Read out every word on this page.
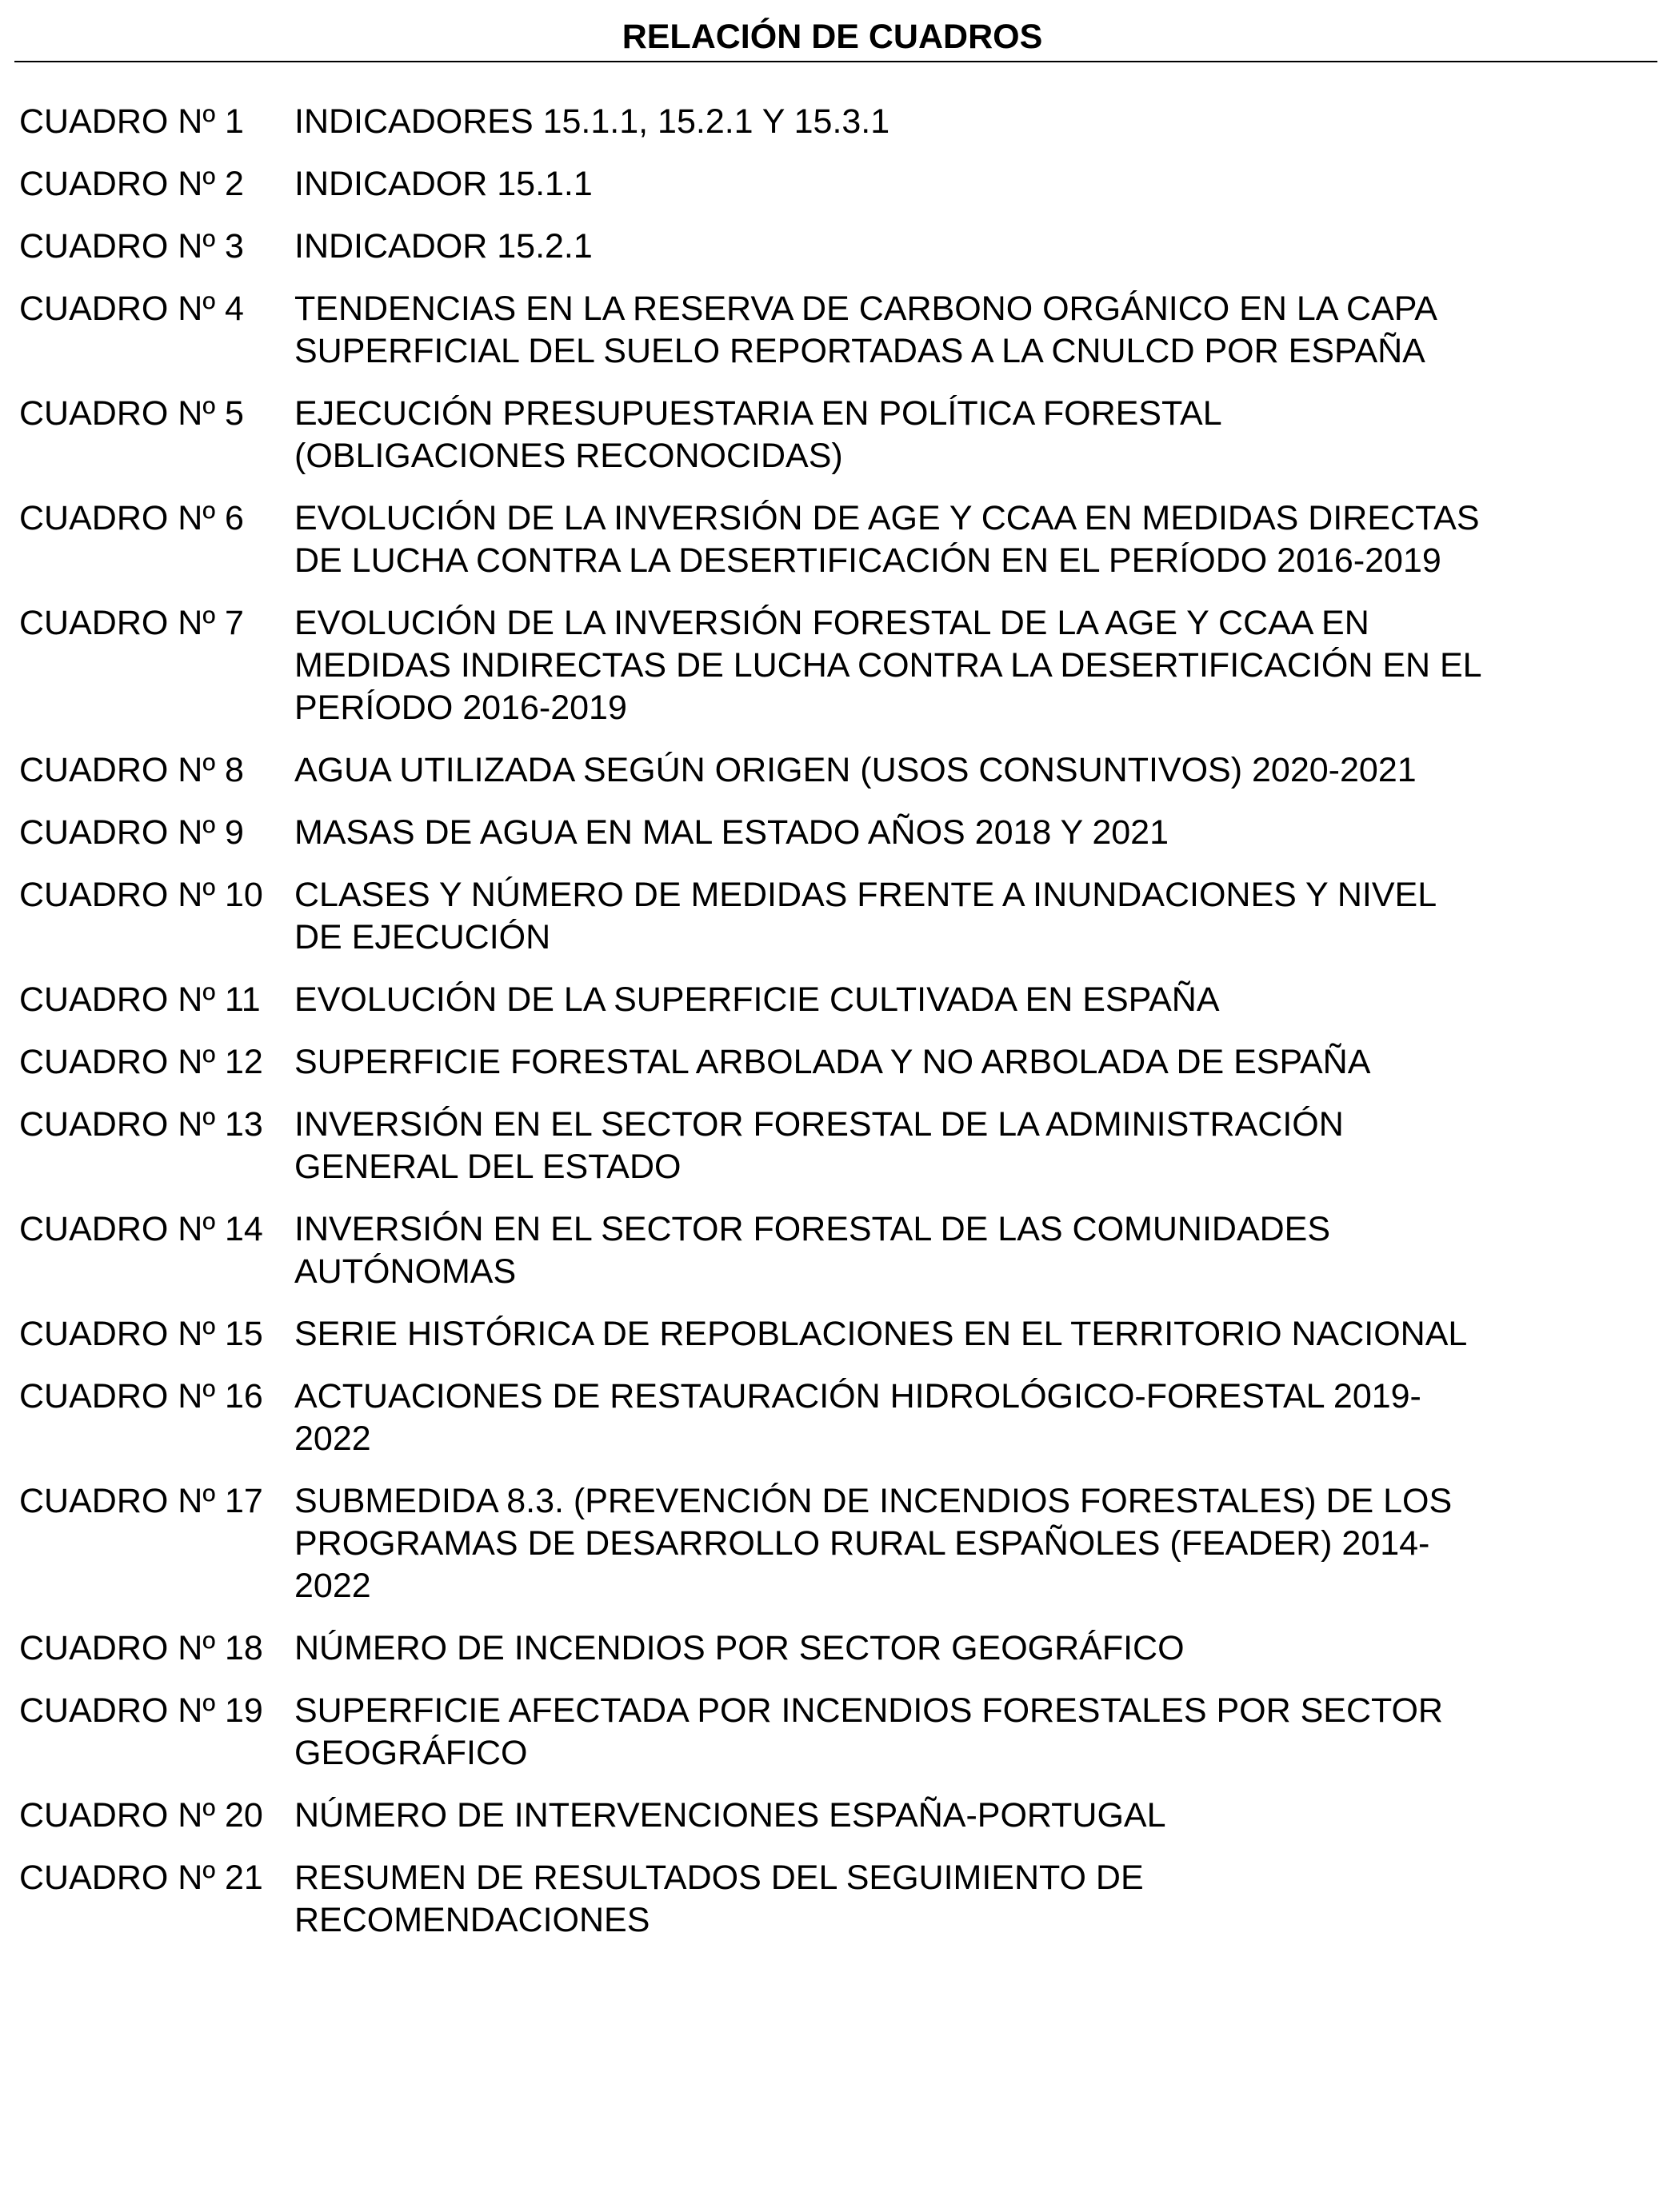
RELACIÓN DE CUADROS
CUADRO Nº 1	INDICADORES 15.1.1, 15.2.1 Y 15.3.1
CUADRO Nº 2	INDICADOR 15.1.1
CUADRO Nº 3	INDICADOR 15.2.1
CUADRO Nº 4	TENDENCIAS EN LA RESERVA DE CARBONO ORGÁNICO EN LA CAPA
SUPERFICIAL DEL SUELO REPORTADAS A LA CNULCD POR ESPAÑA
CUADRO Nº 5	EJECUCIÓN PRESUPUESTARIA EN POLÍTICA FORESTAL
(OBLIGACIONES RECONOCIDAS)
CUADRO Nº 6	EVOLUCIÓN DE LA INVERSIÓN DE AGE Y CCAA EN MEDIDAS DIRECTAS
DE LUCHA CONTRA LA DESERTIFICACIÓN EN EL PERÍODO 2016-2019
CUADRO Nº 7	EVOLUCIÓN DE LA INVERSIÓN FORESTAL DE LA AGE Y CCAA EN
MEDIDAS INDIRECTAS DE LUCHA CONTRA LA DESERTIFICACIÓN EN EL
PERÍODO 2016-2019
CUADRO Nº 8	AGUA UTILIZADA SEGÚN ORIGEN (USOS CONSUNTIVOS) 2020-2021
CUADRO Nº 9	MASAS DE AGUA EN MAL ESTADO AÑOS 2018 Y 2021
CUADRO Nº 10 CLASES Y NÚMERO DE MEDIDAS FRENTE A INUNDACIONES Y NIVEL
DE EJECUCIÓN
CUADRO Nº 11 EVOLUCIÓN DE LA SUPERFICIE CULTIVADA EN ESPAÑA
CUADRO Nº 12 SUPERFICIE FORESTAL ARBOLADA Y NO ARBOLADA DE ESPAÑA
CUADRO Nº 13 INVERSIÓN EN EL SECTOR FORESTAL DE LA ADMINISTRACIÓN
GENERAL DEL ESTADO
CUADRO Nº 14 INVERSIÓN EN EL SECTOR FORESTAL DE LAS COMUNIDADES
AUTÓNOMAS
CUADRO Nº 15 SERIE HISTÓRICA DE REPOBLACIONES EN EL TERRITORIO NACIONAL
CUADRO Nº 16 ACTUACIONES DE RESTAURACIÓN HIDROLÓGICO-FORESTAL 2019-
2022
CUADRO Nº 17 SUBMEDIDA 8.3. (PREVENCIÓN DE INCENDIOS FORESTALES) DE LOS
PROGRAMAS DE DESARROLLO RURAL ESPAÑOLES (FEADER) 2014-
2022
CUADRO Nº 18 NÚMERO DE INCENDIOS POR SECTOR GEOGRÁFICO
CUADRO Nº 19 SUPERFICIE AFECTADA POR INCENDIOS FORESTALES POR SECTOR
GEOGRÁFICO
CUADRO Nº 20 NÚMERO DE INTERVENCIONES ESPAÑA-PORTUGAL
CUADRO Nº 21 RESUMEN DE RESULTADOS DEL SEGUIMIENTO DE
RECOMENDACIONES
